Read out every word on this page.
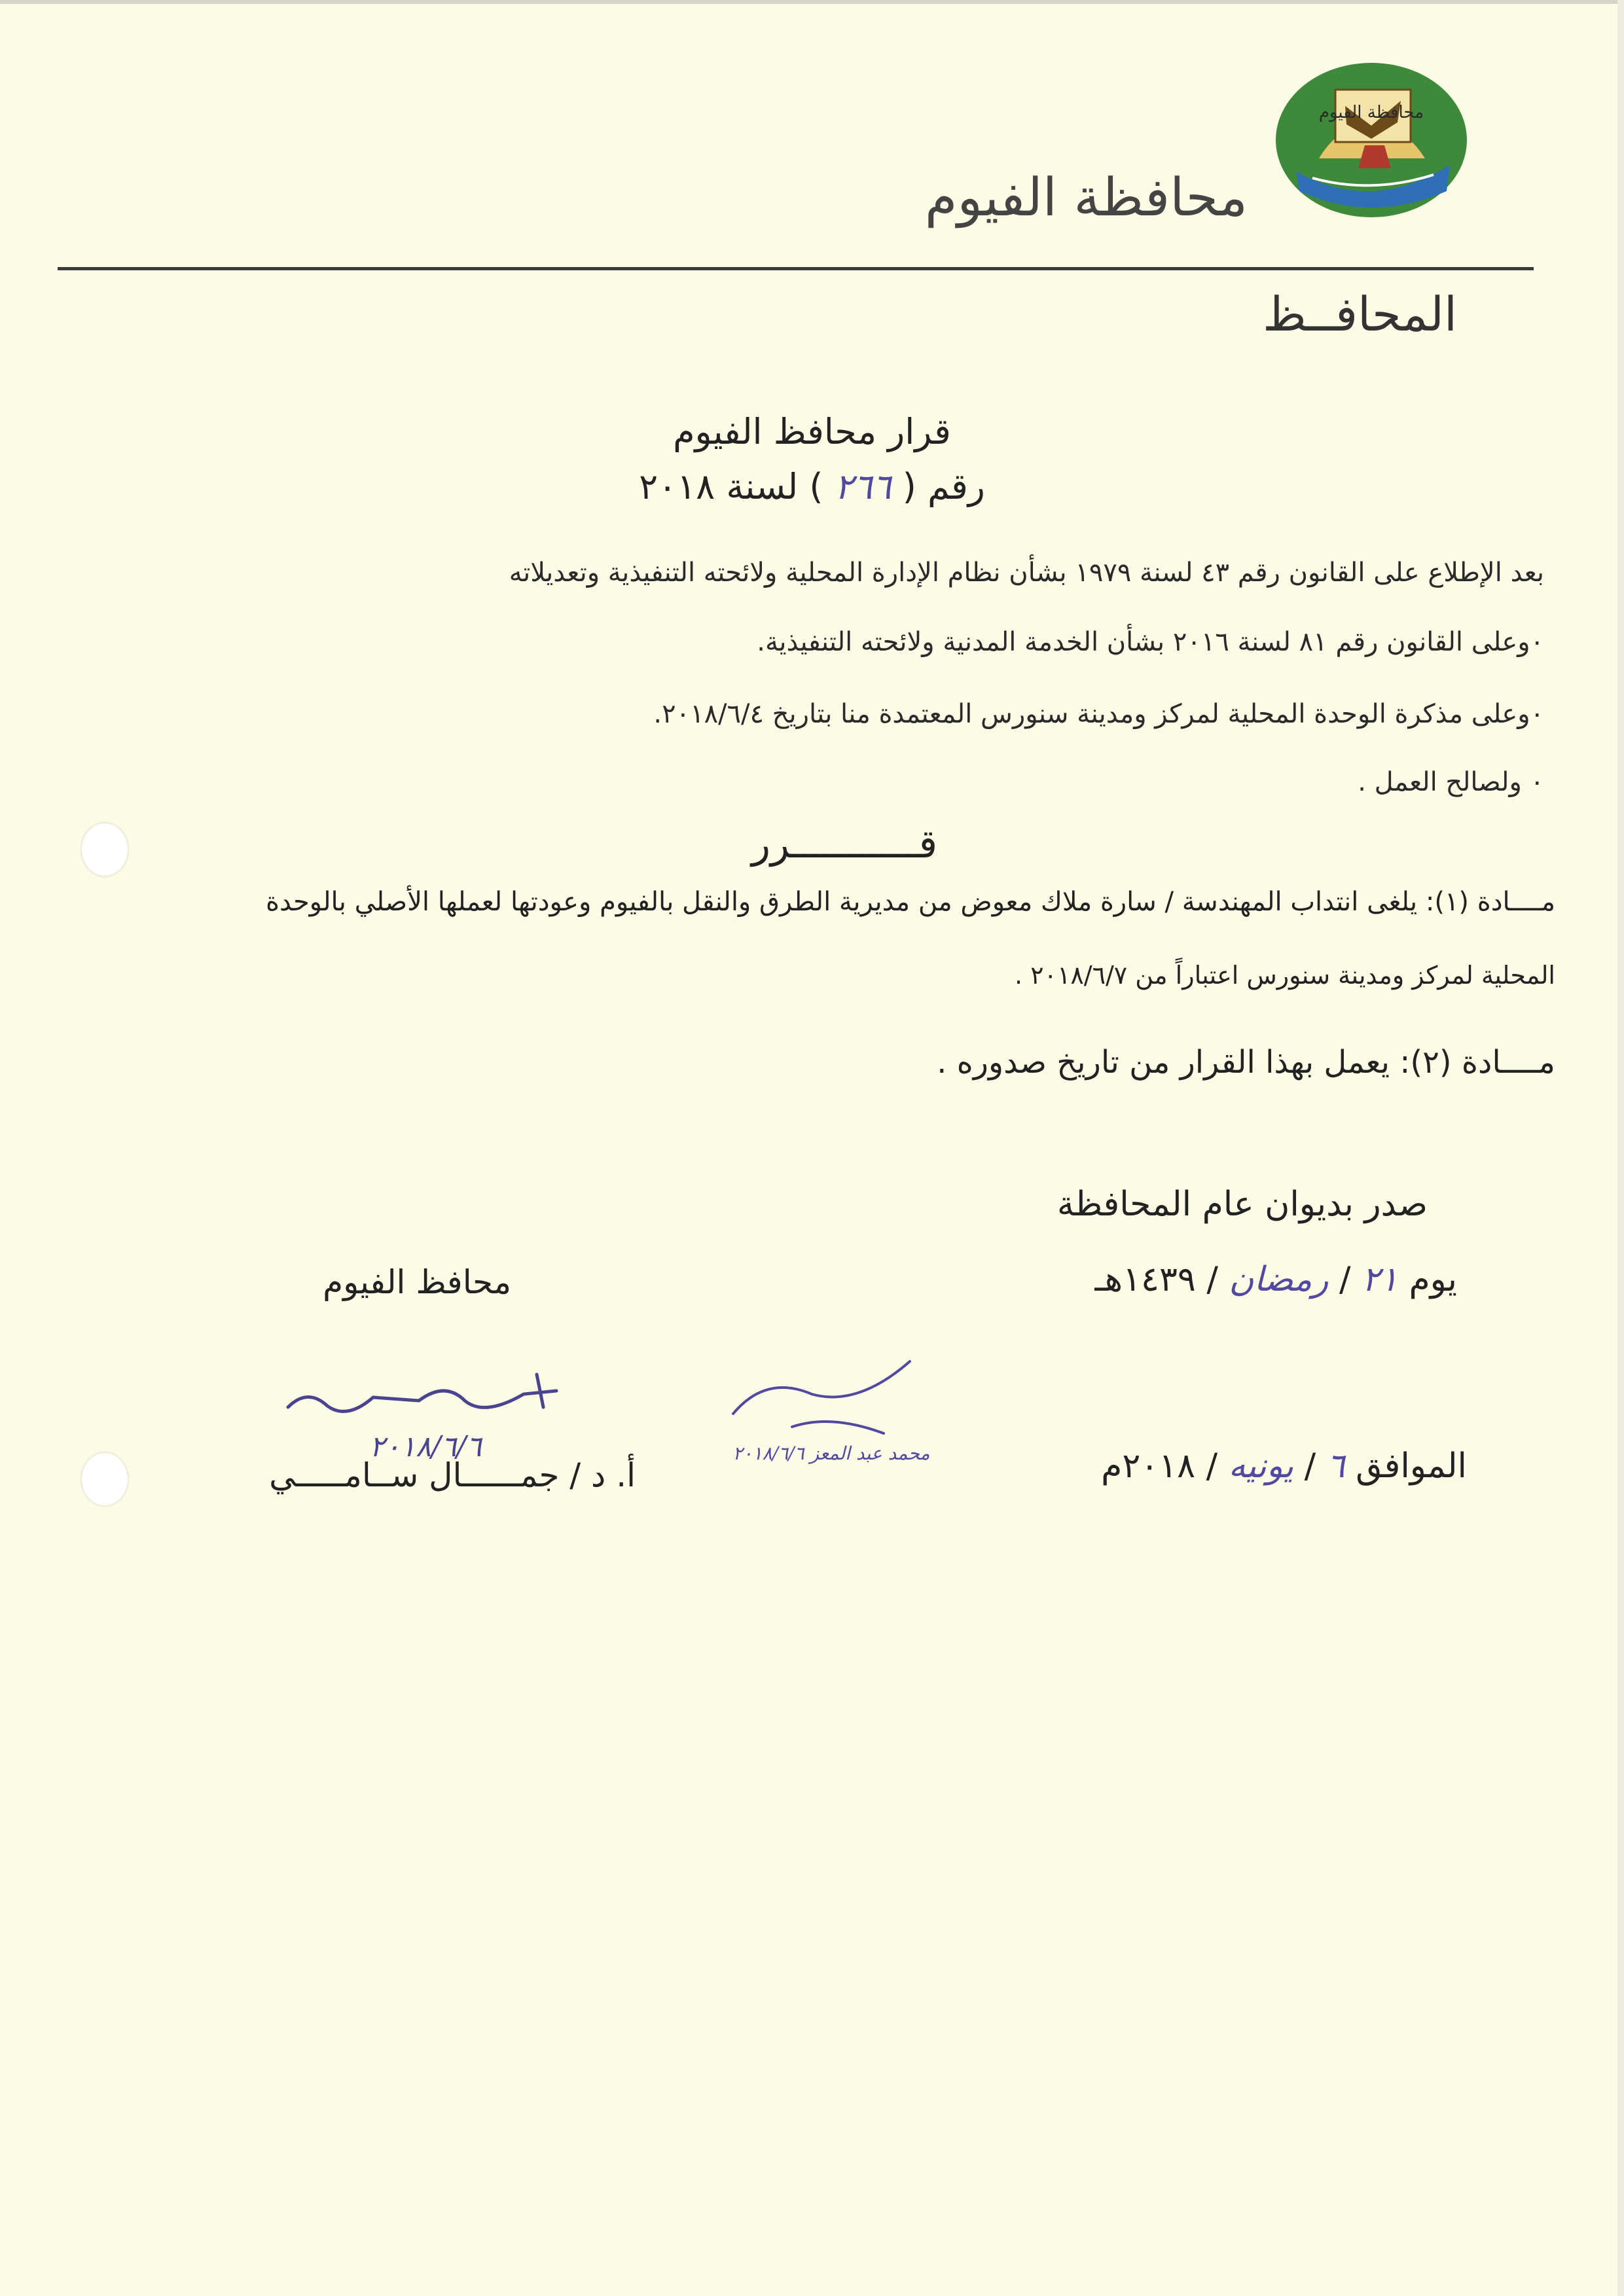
محافظة الفيوم
محافظة الفيوم
المحافــظ
قرار محافظ الفيوم
رقم ( ٢٦٦ ) لسنة ٢٠١٨
بعد الإطلاع على القانون رقم ٤٣ لسنة ١٩٧٩ بشأن نظام الإدارة المحلية ولائحته التنفيذية وتعديلاته
٠وعلى القانون رقم ٨١ لسنة ٢٠١٦ بشأن الخدمة المدنية ولائحته التنفيذية.
٠وعلى مذكرة الوحدة المحلية لمركز ومدينة سنورس المعتمدة منا بتاريخ ٢٠١٨/٦/٤.
٠ ولصالح العمل .
قـــــــــــرر
مــــادة (١): يلغى انتداب المهندسة / سارة ملاك معوض من مديرية الطرق والنقل بالفيوم وعودتها لعملها الأصلي بالوحدة
المحلية لمركز ومدينة سنورس اعتباراً من ٢٠١٨/٦/٧ .
مــــادة (٢): يعمل بهذا القرار من تاريخ صدوره .
صدر بديوان عام المحافظة
يوم ٢١ / رمضان / ١٤٣٩هـ
الموافق ٦ / يونيه / ٢٠١٨م
محافظ الفيوم
٢٠١٨/٦/٦	محمد عبد المعز ٢٠١٨/٦/٦
أ. د / جمــــــال ســامـــــي
